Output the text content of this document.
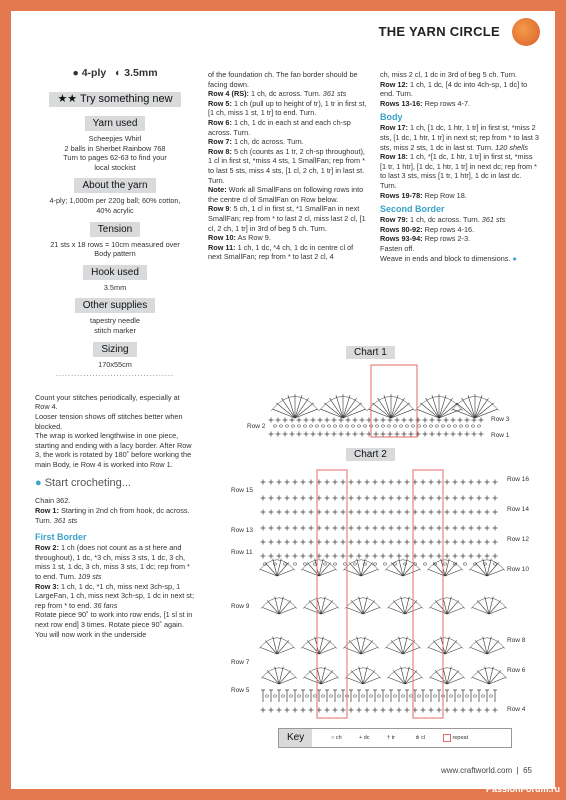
THE YARN CIRCLE
● 4-ply ◐ 3.5mm
★★ Try something new
Yarn used

Scheepjes Whirl

2 balls in Sherbet Rainbow 768

Turn to pages 62-63 to find your

local stockist

About the yarn

4-ply; 1,000m per 220g ball; 60% cotton,

40% acrylic

Tension

21 sts x 18 rows = 10cm measured over

Body pattern

Hook used

3.5mm

Other supplies

tapestry needle

stitch marker

Sizing

170x55cm

.......................................

Count your stitches periodically, especially at Row 4.

Looser tension shows off stitches better when blocked.

The wrap is worked lengthwise in one piece, starting and ending with a lacy border. After Row 3, the work is rotated by 180˚ before working the main Body, ie Row 4 is worked into Row 1.

● Start crocheting...

Chain 362.

Row 1: Starting in 2nd ch from hook, dc across. Turn. 361 sts

First Border

Row 2: 1 ch (does not count as a st here and throughout), 1 dc, *3 ch, miss 3 sts, 1 dc, 3 ch, miss 1 st, 1 dc, 3 ch, miss 3 sts, 1 dc; rep from * to end. Turn. 109 sts

Row 3: 1 ch, 1 dc, *1 ch, miss next 3ch-sp, 1 LargeFan, 1 ch, miss next 3ch-sp, 1 dc in next st; rep from * to end. 36 fans

Rotate piece 90˚ to work into row ends, [1 sl st in next row end] 3 times. Rotate piece 90˚ again. You will now work in the underside

of the foundation ch. The fan border should be facing down.

Row 4 (RS): 1 ch, dc across. Turn. 361 sts

Row 5: 1 ch (pull up to height of tr), 1 tr in first st, [1 ch, miss 1 st, 1 tr] to end. Turn.

Row 6: 1 ch, 1 dc in each st and each ch-sp across. Turn.

Row 7: 1 ch, dc across. Turn.

Row 8: 5 ch (counts as 1 tr, 2 ch-sp throughout), 1 cl in first st, *miss 4 sts, 1 SmallFan; rep from * to last 5 sts, miss 4 sts, [1 cl, 2 ch, 1 tr] in last st. Turn.

Note: Work all SmallFans on following rows into the centre cl of SmallFan on Row below.

Row 9: 5 ch, 1 cl in first st, *1 SmallFan in next SmallFan; rep from * to last 2 cl, miss last 2 cl, [1 cl, 2 ch, 1 tr] in 3rd of beg 5 ch. Turn.

Row 10: As Row 9.

Row 11: 1 ch, 1 dc, *4 ch, 1 dc in centre cl of next SmallFan; rep from * to last 2 cl, 4

ch, miss 2 cl, 1 dc in 3rd of beg 5 ch. Turn.

Row 12: 1 ch, 1 dc, [4 dc into 4ch-sp, 1 dc] to end. Turn.

Rows 13-16: Rep rows 4-7.

Body

Row 17: 1 ch, [1 dc, 1 htr, 1 tr] in first st, *miss 2 sts, [1 dc, 1 htr, 1 tr] in next st; rep from * to last 3 sts, miss 2 sts, 1 dc in last st. Turn. 120 shells

Row 18: 1 ch, *[1 dc, 1 htr, 1 tr] in first st, *miss [1 tr, 1 htr], [1 dc, 1 htr, 1 tr] in next dc; rep from * to last 3 sts, miss [1 tr, 1 htr], 1 dc in last dc. Turn.

Rows 19-78: Rep Row 18.

Second Border

Row 79: 1 ch, dc across. Turn. 361 sts

Rows 80-92: Rep rows 4-16.

Rows 93-94: Rep rows 2-3.

Fasten off.

Weave in ends and block to dimensions. ●

Chart 1
Row 2
Row 3
Row 1
Chart 2
Row 15
Row 13
Row 11
Row 9
Row 7
Row 5
Row 16
Row 14
Row 12
Row 10
Row 8
Row 6
Row 4
Key	○ ch	+ dc	† tr	⋔ cl	repeat
www.craftworld.com  |  65
PassionForum.ru
